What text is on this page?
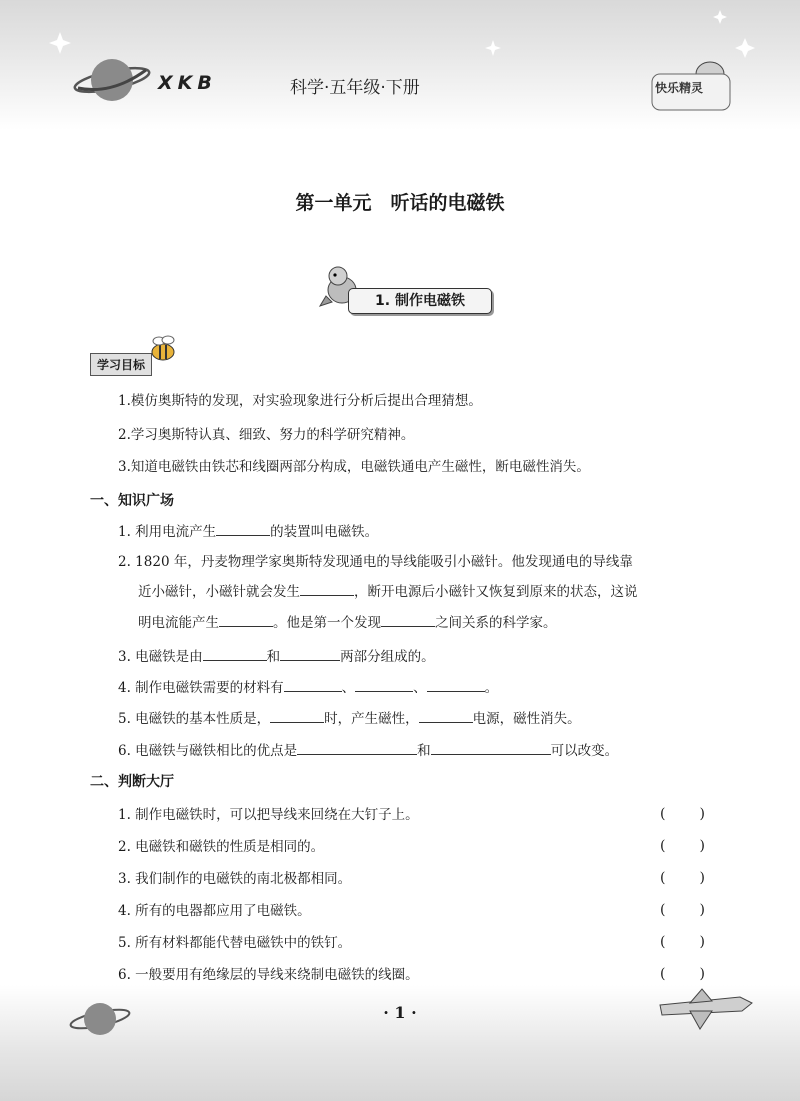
XKB	科学·五年级·下册	快乐精灵
第一单元　听话的电磁铁
1. 制作电磁铁
学习目标
1.模仿奥斯特的发现，对实验现象进行分析后提出合理猜想。
2.学习奥斯特认真、细致、努力的科学研究精神。
3.知道电磁铁由铁芯和线圈两部分构成，电磁铁通电产生磁性，断电磁性消失。
一、知识广场
1. 利用电流产生	的装置叫电磁铁。
2. 1820 年，丹麦物理学家奥斯特发现通电的导线能吸引小磁针。他发现通电的导线靠
近小磁针，小磁针就会发生	，断开电源后小磁针又恢复到原来的状态，这说
明电流能产生	。他是第一个发现	之间关系的科学家。
3. 电磁铁是由	和	两部分组成的。
4. 制作电磁铁需要的材料有	、	、	。
5. 电磁铁的基本性质是，	时，产生磁性，	电源，磁性消失。
6. 电磁铁与磁铁相比的优点是	和	可以改变。
二、判断大厅
1. 制作电磁铁时，可以把导线来回绕在大钉子上。	(　　)
2. 电磁铁和磁铁的性质是相同的。	(　　)
3. 我们制作的电磁铁的南北极都相同。	(　　)
4. 所有的电器都应用了电磁铁。	(　　)
5. 所有材料都能代替电磁铁中的铁钉。	(　　)
6. 一般要用有绝缘层的导线来绕制电磁铁的线圈。	(　　)
· 1 ·
